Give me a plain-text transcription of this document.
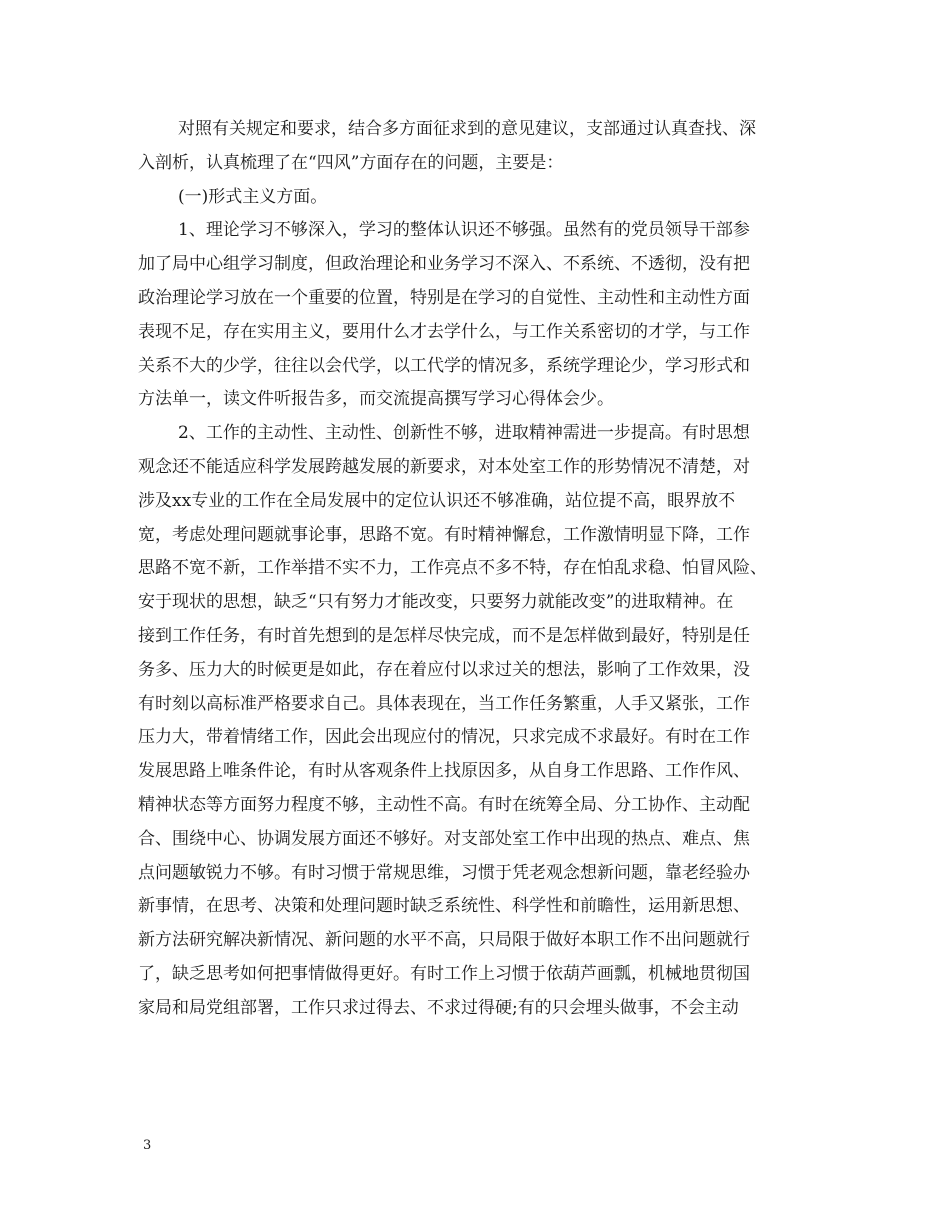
对照有关规定和要求，结合多方面征求到的意见建议，支部通过认真查找、深
入剖析，认真梳理了在“四风”方面存在的问题，主要是：
(一)形式主义方面。
1、理论学习不够深入，学习的整体认识还不够强。虽然有的党员领导干部参
加了局中心组学习制度，但政治理论和业务学习不深入、不系统、不透彻，没有把
政治理论学习放在一个重要的位置，特别是在学习的自觉性、主动性和主动性方面
表现不足，存在实用主义，要用什么才去学什么，与工作关系密切的才学，与工作
关系不大的少学，往往以会代学，以工代学的情况多，系统学理论少，学习形式和
方法单一，读文件听报告多，而交流提高撰写学习心得体会少。
2、工作的主动性、主动性、创新性不够，进取精神需进一步提高。有时思想
观念还不能适应科学发展跨越发展的新要求，对本处室工作的形势情况不清楚，对
涉及xx专业的工作在全局发展中的定位认识还不够准确，站位提不高，眼界放不
宽，考虑处理问题就事论事，思路不宽。有时精神懈怠，工作激情明显下降，工作
思路不宽不新，工作举措不实不力，工作亮点不多不特，存在怕乱求稳、怕冒风险、
安于现状的思想，缺乏“只有努力才能改变，只要努力就能改变”的进取精神。在
接到工作任务，有时首先想到的是怎样尽快完成，而不是怎样做到最好，特别是任
务多、压力大的时候更是如此，存在着应付以求过关的想法，影响了工作效果，没
有时刻以高标准严格要求自己。具体表现在，当工作任务繁重，人手又紧张，工作
压力大，带着情绪工作，因此会出现应付的情况，只求完成不求最好。有时在工作
发展思路上唯条件论，有时从客观条件上找原因多，从自身工作思路、工作作风、
精神状态等方面努力程度不够，主动性不高。有时在统筹全局、分工协作、主动配
合、围绕中心、协调发展方面还不够好。对支部处室工作中出现的热点、难点、焦
点问题敏锐力不够。有时习惯于常规思维，习惯于凭老观念想新问题，靠老经验办
新事情，在思考、决策和处理问题时缺乏系统性、科学性和前瞻性，运用新思想、
新方法研究解决新情况、新问题的水平不高，只局限于做好本职工作不出问题就行
了，缺乏思考如何把事情做得更好。有时工作上习惯于依葫芦画瓢，机械地贯彻国
家局和局党组部署，工作只求过得去、不求过得硬;有的只会埋头做事，不会主动
3
